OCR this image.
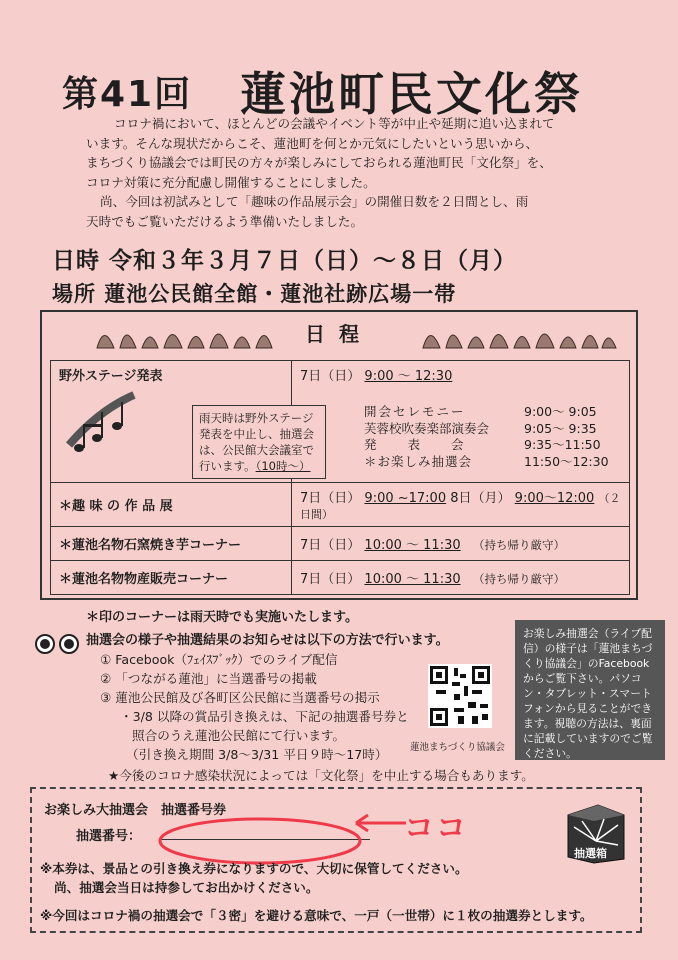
第41回 蓮池町民文化祭

コロナ禍において、ほとんどの会議やイベント等が中止や延期に追い込まれて

います。そんな現状だからこそ、蓮池町を何とか元気にしたいという思いから、

まちづくり協議会では町民の方々が楽しみにしておられる蓮池町民「文化祭」を、

コロナ対策に充分配慮し開催することにしました。

尚、今回は初試みとして「趣味の作品展示会」の開催日数を２日間とし、雨

天時でもご覧いただけるよう準備いたしました。

日時 令和３年３月７日（日）～８日（月）
場所 蓮池公民館全館・蓮池社跡広場一帯
日程
野外ステージ発表	7日（日） 9:00 ～ 12:30
＊趣 味 の 作 品 展	7日（日） 9:00 ~17:00 8日（月） 9:00～12:00 （２日間）
＊蓮池名物石窯焼き芋コーナー	7日（日） 10:00 ～ 11:30 （持ち帰り厳守）
＊蓮池名物物産販売コーナー	7日（日） 10:00 ～ 11:30 （持ち帰り厳守）
雨天時は野外ステージ発表を中止し、抽選会は、公民館大会議室で行います。（10時～）
開会セレモニー	9:00～ 9:05
芙蓉校吹奏楽部演奏会	9:05～ 9:35
発　　表　　会	9:35～11:50
＊お楽しみ抽選会	11:50～12:30
＊印のコーナーは雨天時でも実施いたします。

抽選会の様子や抽選結果のお知らせは以下の方法で行います。

① Facebook（ﾌｪｲｽﾌﾞｯｸ）でのライブ配信

② 「つながる蓮池」に当選番号の掲載

③ 蓮池公民館及び各町区公民館に当選番号の掲示

・3/8 以降の賞品引き換えは、下記の抽選番号券と

照合のうえ蓮池公民館にて行います。

（引き換え期間 3/8～3/31 平日９時～17時）	蓮池まちづくり協議会
お楽しみ抽選会（ライブ配信）の様子は「蓮池まちづくり協議会」のFacebookからご覧下さい。パソコン・タブレット・スマートフォンから見ることができます。視聴の方法は、裏面に記載していますのでご覧ください。
★今後のコロナ感染状況によっては「文化祭」を中止する場合もあります。
お楽しみ大抽選会　抽選番号券
抽選番号：	ココ
※本券は、景品との引き換え券になりますので、大切に保管してください。
尚、抽選会当日は持参してお出かけください。
※今回はコロナ禍の抽選会で「３密」を避ける意味で、一戸（一世帯）に１枚の抽選券とします。
抽選箱
